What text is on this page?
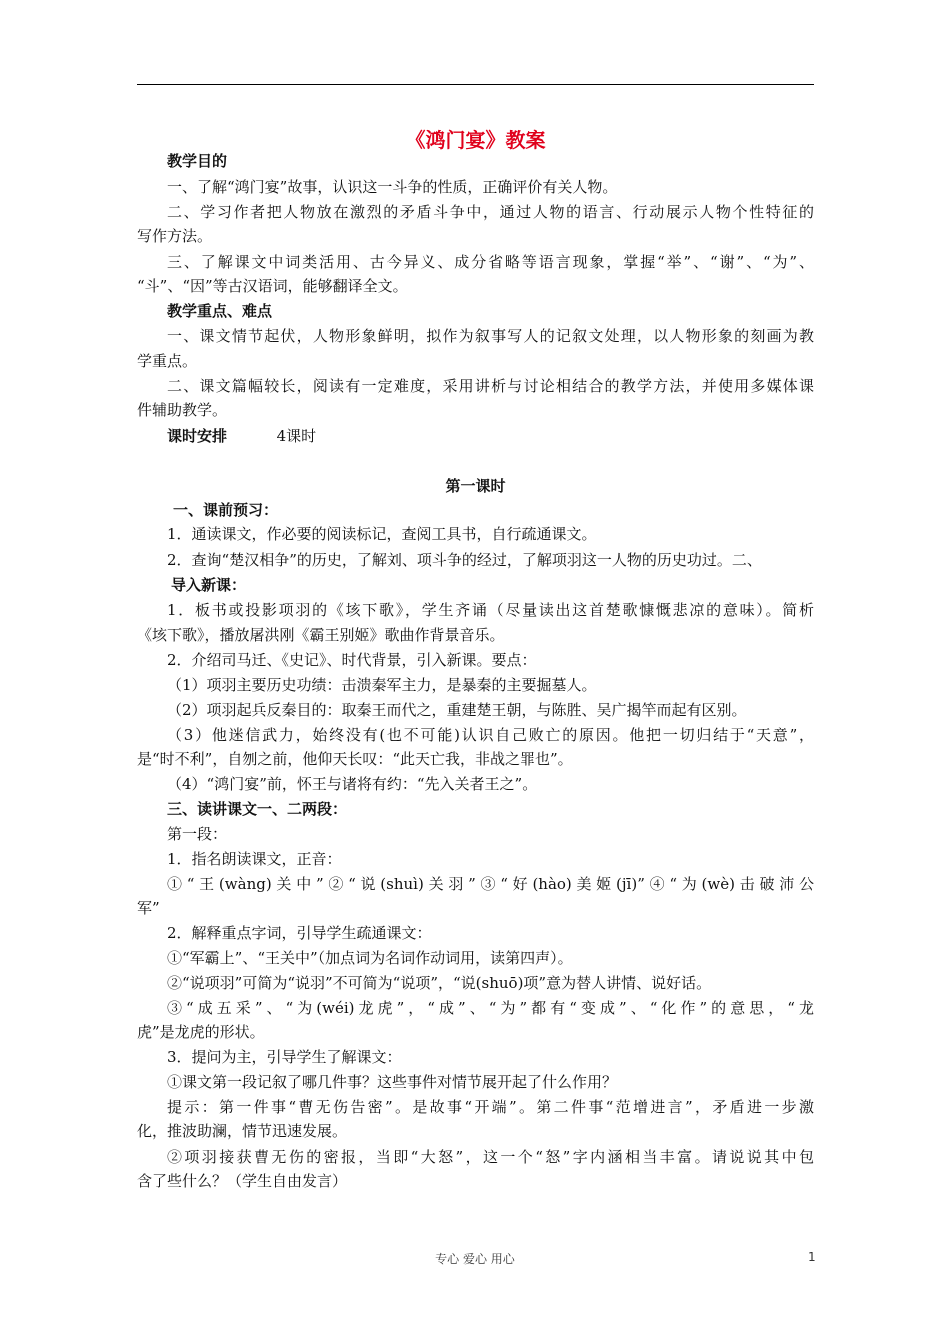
《鸿门宴》教案
教学目的
一、了解“鸿门宴”故事，认识这一斗争的性质，正确评价有关人物。
二、学习作者把人物放在激烈的矛盾斗争中，通过人物的语言、行动展示人物个性特征的
写作方法。
三、了解课文中词类活用、古今异义、成分省略等语言现象，掌握“举”、“谢”、“为”、
“斗”、“因”等古汉语词，能够翻译全文。
教学重点、难点
一、课文情节起伏，人物形象鲜明，拟作为叙事写人的记叙文处理，以人物形象的刻画为教
学重点。
二、课文篇幅较长，阅读有一定难度，采用讲析与讨论相结合的教学方法，并使用多媒体课
件辅助教学。
课时安排	4课时
第一课时
一、课前预习：
1．通读课文，作必要的阅读标记，查阅工具书，自行疏通课文。
2．查询“楚汉相争”的历史，了解刘、项斗争的经过，了解项羽这一人物的历史功过。二、
导入新课：
1．板书或投影项羽的《垓下歌》，学生齐诵（尽量读出这首楚歌慷慨悲凉的意味）。简析
《垓下歌》，播放屠洪刚《霸王别姬》歌曲作背景音乐。
2．介绍司马迁、《史记》、时代背景，引入新课。要点：
（1）项羽主要历史功绩：击溃秦军主力，是暴秦的主要掘墓人。
（2）项羽起兵反秦目的：取秦王而代之，重建楚王朝，与陈胜、吴广揭竿而起有区别。
（3）他迷信武力，始终没有(也不可能)认识自己败亡的原因。他把一切归结于“天意”，
是“时不利”，自刎之前，他仰天长叹：“此天亡我，非战之罪也”。
（4）“鸿门宴”前，怀王与诸将有约：“先入关者王之”。
三、读讲课文一、二两段：
第一段：
1．指名朗读课文，正音：
①“王(wàng)关中”②“说(shuì)关羽”③“好(hào)美姬(jī)”④“为(wè)击破沛公
军”
2．解释重点字词，引导学生疏通课文：
①“军霸上”、“王关中”（加点词为名词作动词用，读第四声）。
②“说项羽”可简为“说羽”不可简为“说项”，“说(shuō)项”意为替人讲情、说好话。
③“成五采”、“为(wéi)龙虎”，“成”、“为”都有“变成”、“化作”的意思，“龙
虎”是龙虎的形状。
3．提问为主，引导学生了解课文：
①课文第一段记叙了哪几件事？这些事件对情节展开起了什么作用？
提示：第一件事“曹无伤告密”。是故事“开端”。第二件事“范增进言”，矛盾进一步激
化，推波助澜，情节迅速发展。
②项羽接获曹无伤的密报，当即“大怒”，这一个“怒”字内涵相当丰富。请说说其中包
含了些什么？（学生自由发言）
专心 爱心 用心	1
